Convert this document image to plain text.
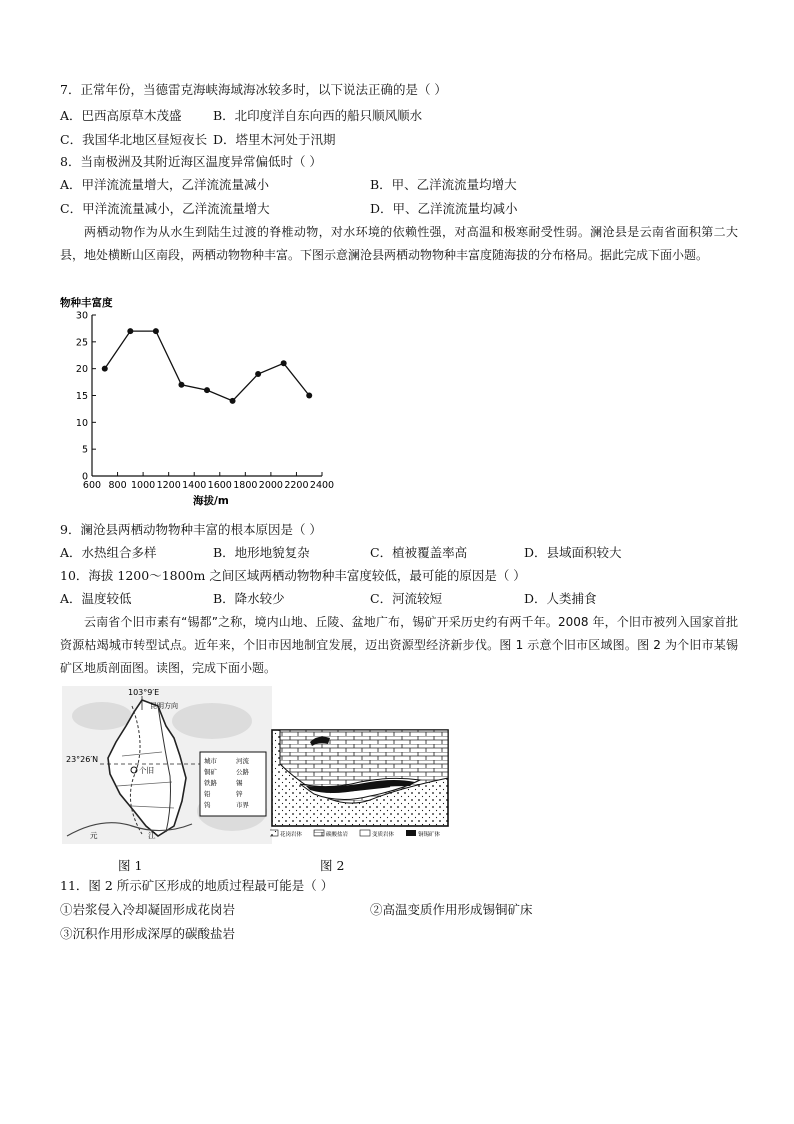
7．正常年份，当德雷克海峡海域海冰较多时，以下说法正确的是（ ）
A．巴西高原草木茂盛	B．北印度洋自东向西的船只顺风顺水
C．我国华北地区昼短夜长 D．塔里木河处于汛期
8．当南极洲及其附近海区温度异常偏低时（ ）
A．甲洋流流量增大，乙洋流流量减小	B．甲、乙洋流流量均增大
C．甲洋流流量减小，乙洋流流量增大	D．甲、乙洋流流量均减小
两栖动物作为从水生到陆生过渡的脊椎动物，对水环境的依赖性强，对高温和极寒耐受性弱。澜沧县是云南省面积第二大县，地处横断山区南段，两栖动物物种丰富。下图示意澜沧县两栖动物物种丰富度随海拔的分布格局。据此完成下面小题。
物种丰富度
海拔/m
0
5
10
15
20
25
30
600 800 1000 1200 1400 1600 1800 2000 2200 2400
9．澜沧县两栖动物物种丰富的根本原因是（ ）
A．水热组合多样	B．地形地貌复杂	C．植被覆盖率高	D．县域面积较大
10．海拔 1200～1800m 之间区域两栖动物物种丰富度较低，最可能的原因是（ ）
A．温度较低	B．降水较少	C．河流较短	D．人类捕食
云南省个旧市素有“锡都”之称，境内山地、丘陵、盆地广布，锡矿开采历史约有两千年。2008 年，个旧市被列入国家首批资源枯竭城市转型试点。近年来，个旧市因地制宜发展，迈出资源型经济新步伐。图 1 示意个旧市区域图。图 2 为个旧市某锡矿区地质剖面图。读图，完成下面小题。
103°9′E
23°26′N
昆明方向
个旧
元	江
城市	河流
铜矿	公路
铁路	锡
铅	锌
钨	市界
图 1
花岗岩体	碳酸盐岩	变质岩体	铜锡矿体
图 2
11．图 2 所示矿区形成的地质过程最可能是（ ）
①岩浆侵入冷却凝固形成花岗岩	②高温变质作用形成锡铜矿床
③沉积作用形成深厚的碳酸盐岩
